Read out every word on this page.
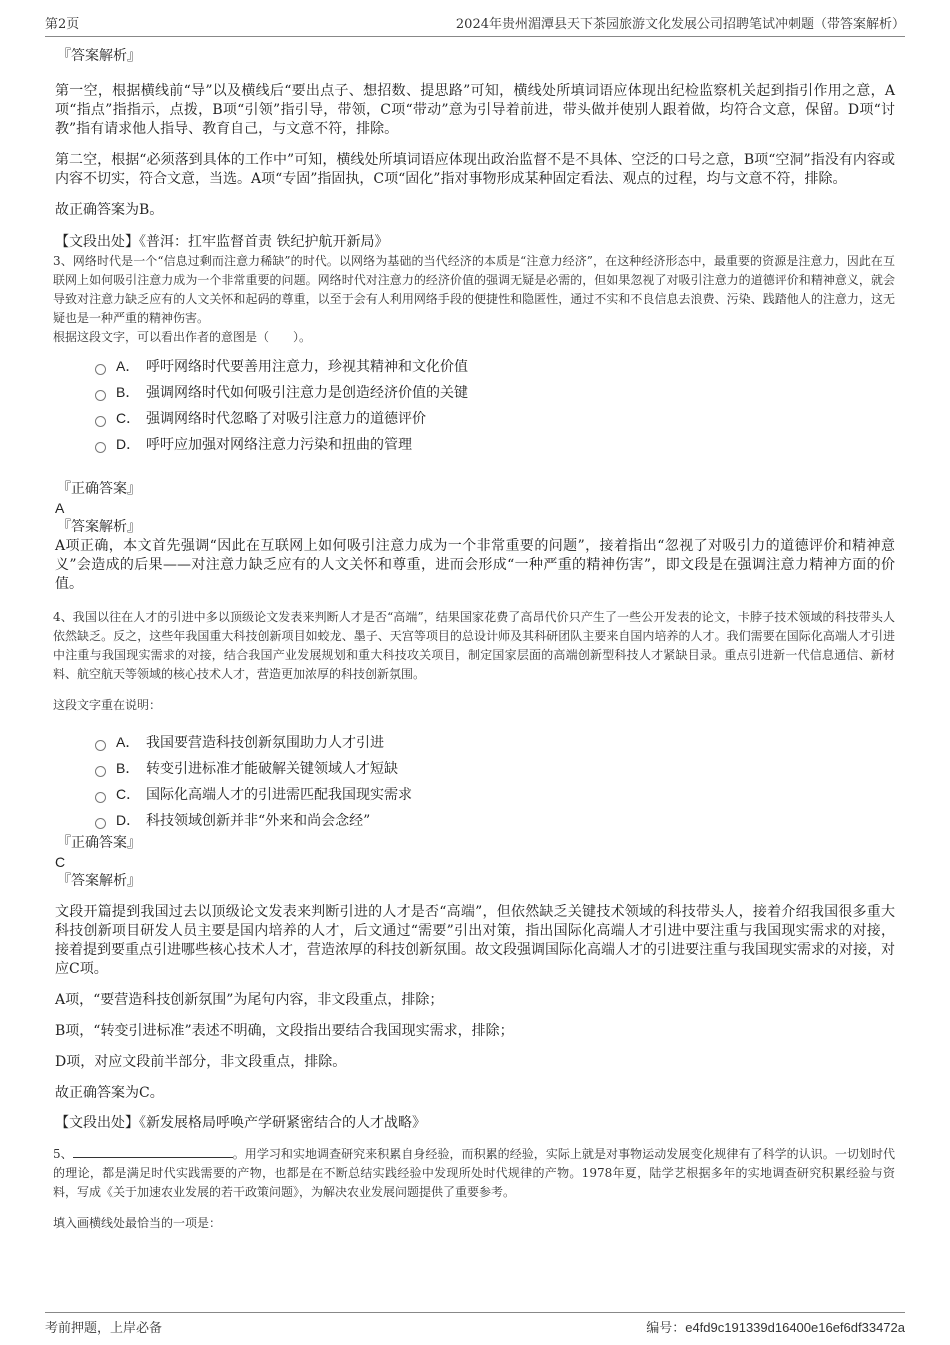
第2页	2024年贵州湄潭县天下茶园旅游文化发展公司招聘笔试冲刺题（带答案解析）

『答案解析』

第一空，根据横线前“导”以及横线后“要出点子、想招数、提思路”可知，横线处所填词语应体现出纪检监察机关起到指引作用之意，A项“指点”指指示，点拨，B项“引领”指引导，带领，C项“带动”意为引导着前进，带头做并使别人跟着做，均符合文意，保留。D项“讨教”指有请求他人指导、教育自己，与文意不符，排除。

第二空，根据“必须落到具体的工作中”可知，横线处所填词语应体现出政治监督不是不具体、空泛的口号之意，B项“空洞”指没有内容或内容不切实，符合文意，当选。A项“专固”指固执，C项“固化”指对事物形成某种固定看法、观点的过程，均与文意不符，排除。

故正确答案为B。

【文段出处】《普洱：扛牢监督首责 铁纪护航开新局》

3、网络时代是一个“信息过剩而注意力稀缺”的时代。以网络为基础的当代经济的本质是“注意力经济”，在这种经济形态中，最重要的资源是注意力，因此在互联网上如何吸引注意力成为一个非常重要的问题。网络时代对注意力的经济价值的强调无疑是必需的，但如果忽视了对吸引注意力的道德评价和精神意义，就会导致对注意力缺乏应有的人文关怀和起码的尊重，以至于会有人利用网络手段的便捷性和隐匿性，通过不实和不良信息去浪费、污染、践踏他人的注意力，这无疑也是一种严重的精神伤害。

根据这段文字，可以看出作者的意图是（　　）。

A． 呼吁网络时代要善用注意力，珍视其精神和文化价值
B． 强调网络时代如何吸引注意力是创造经济价值的关键
C． 强调网络时代忽略了对吸引注意力的道德评价
D． 呼吁应加强对网络注意力污染和扭曲的管理

『正确答案』

A

『答案解析』

A项正确，本文首先强调“因此在互联网上如何吸引注意力成为一个非常重要的问题”，接着指出“忽视了对吸引力的道德评价和精神意义”会造成的后果——对注意力缺乏应有的人文关怀和尊重，进而会形成“一种严重的精神伤害”，即文段是在强调注意力精神方面的价值。

4、我国以往在人才的引进中多以顶级论文发表来判断人才是否“高端”，结果国家花费了高昂代价只产生了一些公开发表的论文，卡脖子技术领域的科技带头人依然缺乏。反之，这些年我国重大科技创新项目如蛟龙、墨子、天宫等项目的总设计师及其科研团队主要来自国内培养的人才。我们需要在国际化高端人才引进中注重与我国现实需求的对接，结合我国产业发展规划和重大科技攻关项目，制定国家层面的高端创新型科技人才紧缺目录。重点引进新一代信息通信、新材料、航空航天等领域的核心技术人才，营造更加浓厚的科技创新氛围。

这段文字重在说明：

A． 我国要营造科技创新氛围助力人才引进
B． 转变引进标准才能破解关键领域人才短缺
C． 国际化高端人才的引进需匹配我国现实需求
D． 科技领域创新并非“外来和尚会念经”

『正确答案』

C

『答案解析』

文段开篇提到我国过去以顶级论文发表来判断引进的人才是否“高端”，但依然缺乏关键技术领域的科技带头人，接着介绍我国很多重大科技创新项目研发人员主要是国内培养的人才，后文通过“需要”引出对策，指出国际化高端人才引进中要注重与我国现实需求的对接，接着提到要重点引进哪些核心技术人才，营造浓厚的科技创新氛围。故文段强调国际化高端人才的引进要注重与我国现实需求的对接，对应C项。

A项，“要营造科技创新氛围”为尾句内容，非文段重点，排除；

B项，“转变引进标准”表述不明确，文段指出要结合我国现实需求，排除；

D项，对应文段前半部分，非文段重点，排除。

故正确答案为C。

【文段出处】《新发展格局呼唤产学研紧密结合的人才战略》

5、	。用学习和实地调查研究来积累自身经验，而积累的经验，实际上就是对事物运动发展变化规律有了科学的认识。一切划时代的理论，都是满足时代实践需要的产物，也都是在不断总结实践经验中发现所处时代规律的产物。1978年夏，陆学艺根据多年的实地调查研究积累经验与资料，写成《关于加速农业发展的若干政策问题》，为解决农业发展问题提供了重要参考。

填入画横线处最恰当的一项是：

考前押题，上岸必备	编号：e4fd9c191339d16400e16ef6df33472a
